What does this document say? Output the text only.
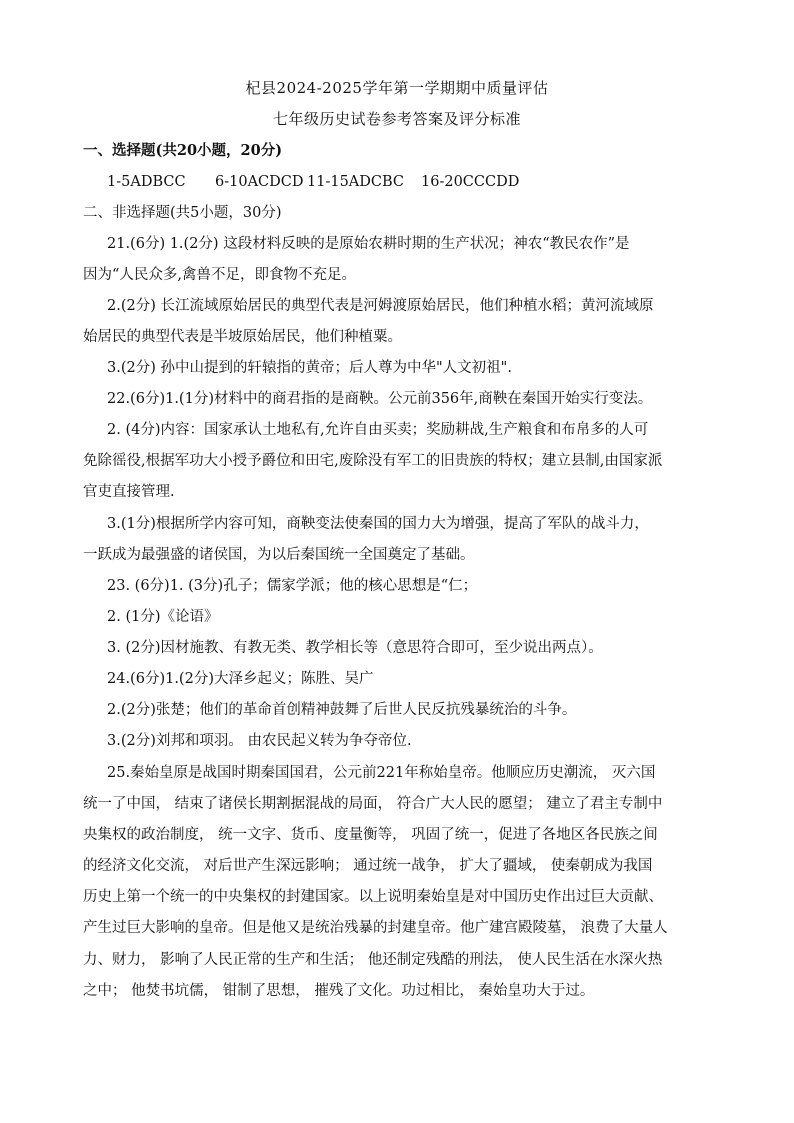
杞县2024-2025学年第一学期期中质量评估
七年级历史试卷参考答案及评分标准
一、选择题(共20小题，20分)
1-5ADBCC 6-10ACDCD 11-15ADCBC 16-20CCCDD
二、非选择题(共5小题，30分)
21.(6分) 1.(2分) 这段材料反映的是原始农耕时期的生产状况；神农“教民农作”是
因为“人民众多,禽兽不足，即食物不充足。
2.(2分) 长江流域原始居民的典型代表是河姆渡原始居民，他们种植水稻；黄河流域原
始居民的典型代表是半坡原始居民，他们种植粟。
3.(2分) 孙中山提到的轩辕指的黄帝；后人尊为中华"人文初祖".
22.(6分)1.(1分)材料中的商君指的是商鞅。公元前356年,商鞅在秦国开始实行变法。
2. (4分)内容：国家承认土地私有,允许自由买卖；奖励耕战,生产粮食和布帛多的人可
免除徭役,根据军功大小授予爵位和田宅,废除没有军工的旧贵族的特权；建立县制,由国家派
官吏直接管理.
3.(1分)根据所学内容可知，商鞅变法使秦国的国力大为增强，提高了军队的战斗力，
一跃成为最强盛的诸侯国，为以后秦国统一全国奠定了基础。
23. (6分)1. (3分)孔子；儒家学派；他的核心思想是“仁；
2. (1分)《论语》
3. (2分)因材施教、有教无类、教学相长等（意思符合即可，至少说出两点）。
24.(6分)1.(2分)大泽乡起义；陈胜、吴广
2.(2分)张楚；他们的革命首创精神鼓舞了后世人民反抗残暴统治的斗争。
3.(2分)刘邦和项羽。 由农民起义转为争夺帝位.
25.秦始皇原是战国时期秦国国君，公元前221年称始皇帝。他顺应历史潮流， 灭六国
统一了中国， 结束了诸侯长期割据混战的局面， 符合广大人民的愿望； 建立了君主专制中
央集权的政治制度， 统一文字、货币、度量衡等， 巩固了统一，促进了各地区各民族之间
的经济文化交流， 对后世产生深远影响； 通过统一战争， 扩大了疆域， 使秦朝成为我国
历史上第一个统一的中央集权的封建国家。以上说明秦始皇是对中国历史作出过巨大贡献、
产生过巨大影响的皇帝。但是他又是统治残暴的封建皇帝。他广建宫殿陵墓， 浪费了大量人
力、财力， 影响了人民正常的生产和生活； 他还制定残酷的刑法， 使人民生活在水深火热
之中； 他焚书坑儒， 钳制了思想， 摧残了文化。功过相比， 秦始皇功大于过。
